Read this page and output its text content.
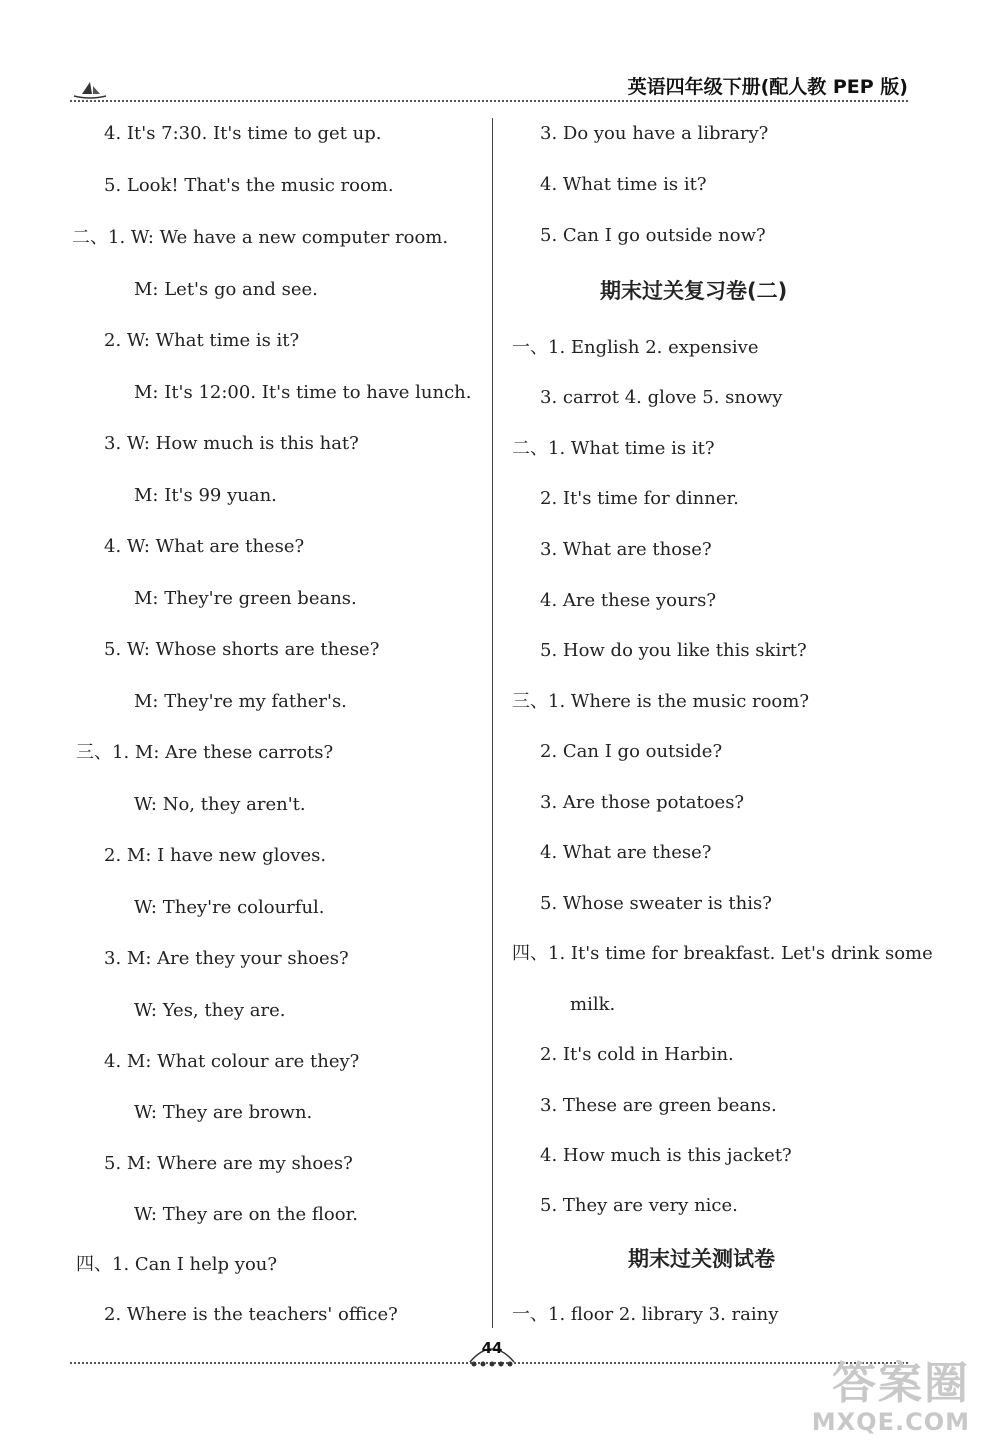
英语四年级下册(配人教 PEP 版)
4. It's 7:30. It's time to get up.
5. Look! That's the music room.
二、1. W: We have a new computer room.
M: Let's go and see.
2. W: What time is it?
M: It's 12:00. It's time to have lunch.
3. W: How much is this hat?
M: It's 99 yuan.
4. W: What are these?
M: They're green beans.
5. W: Whose shorts are these?
M: They're my father's.
三、1. M: Are these carrots?
W: No, they aren't.
2. M: I have new gloves.
W: They're colourful.
3. M: Are they your shoes?
W: Yes, they are.
4. M: What colour are they?
W: They are brown.
5. M: Where are my shoes?
W: They are on the floor.
四、1. Can I help you?
2. Where is the teachers' office?
3. Do you have a library?
4. What time is it?
5. Can I go outside now?
期末过关复习卷(二)
一、1. English 2. expensive
3. carrot 4. glove 5. snowy
二、1. What time is it?
2. It's time for dinner.
3. What are those?
4. Are these yours?
5. How do you like this skirt?
三、1. Where is the music room?
2. Can I go outside?
3. Are those potatoes?
4. What are these?
5. Whose sweater is this?
四、1. It's time for breakfast. Let's drink some
milk.
2. It's cold in Harbin.
3. These are green beans.
4. How much is this jacket?
5. They are very nice.
期末过关测试卷
一、1. floor 2. library 3. rainy
44
答案圈
MXQE.COM
